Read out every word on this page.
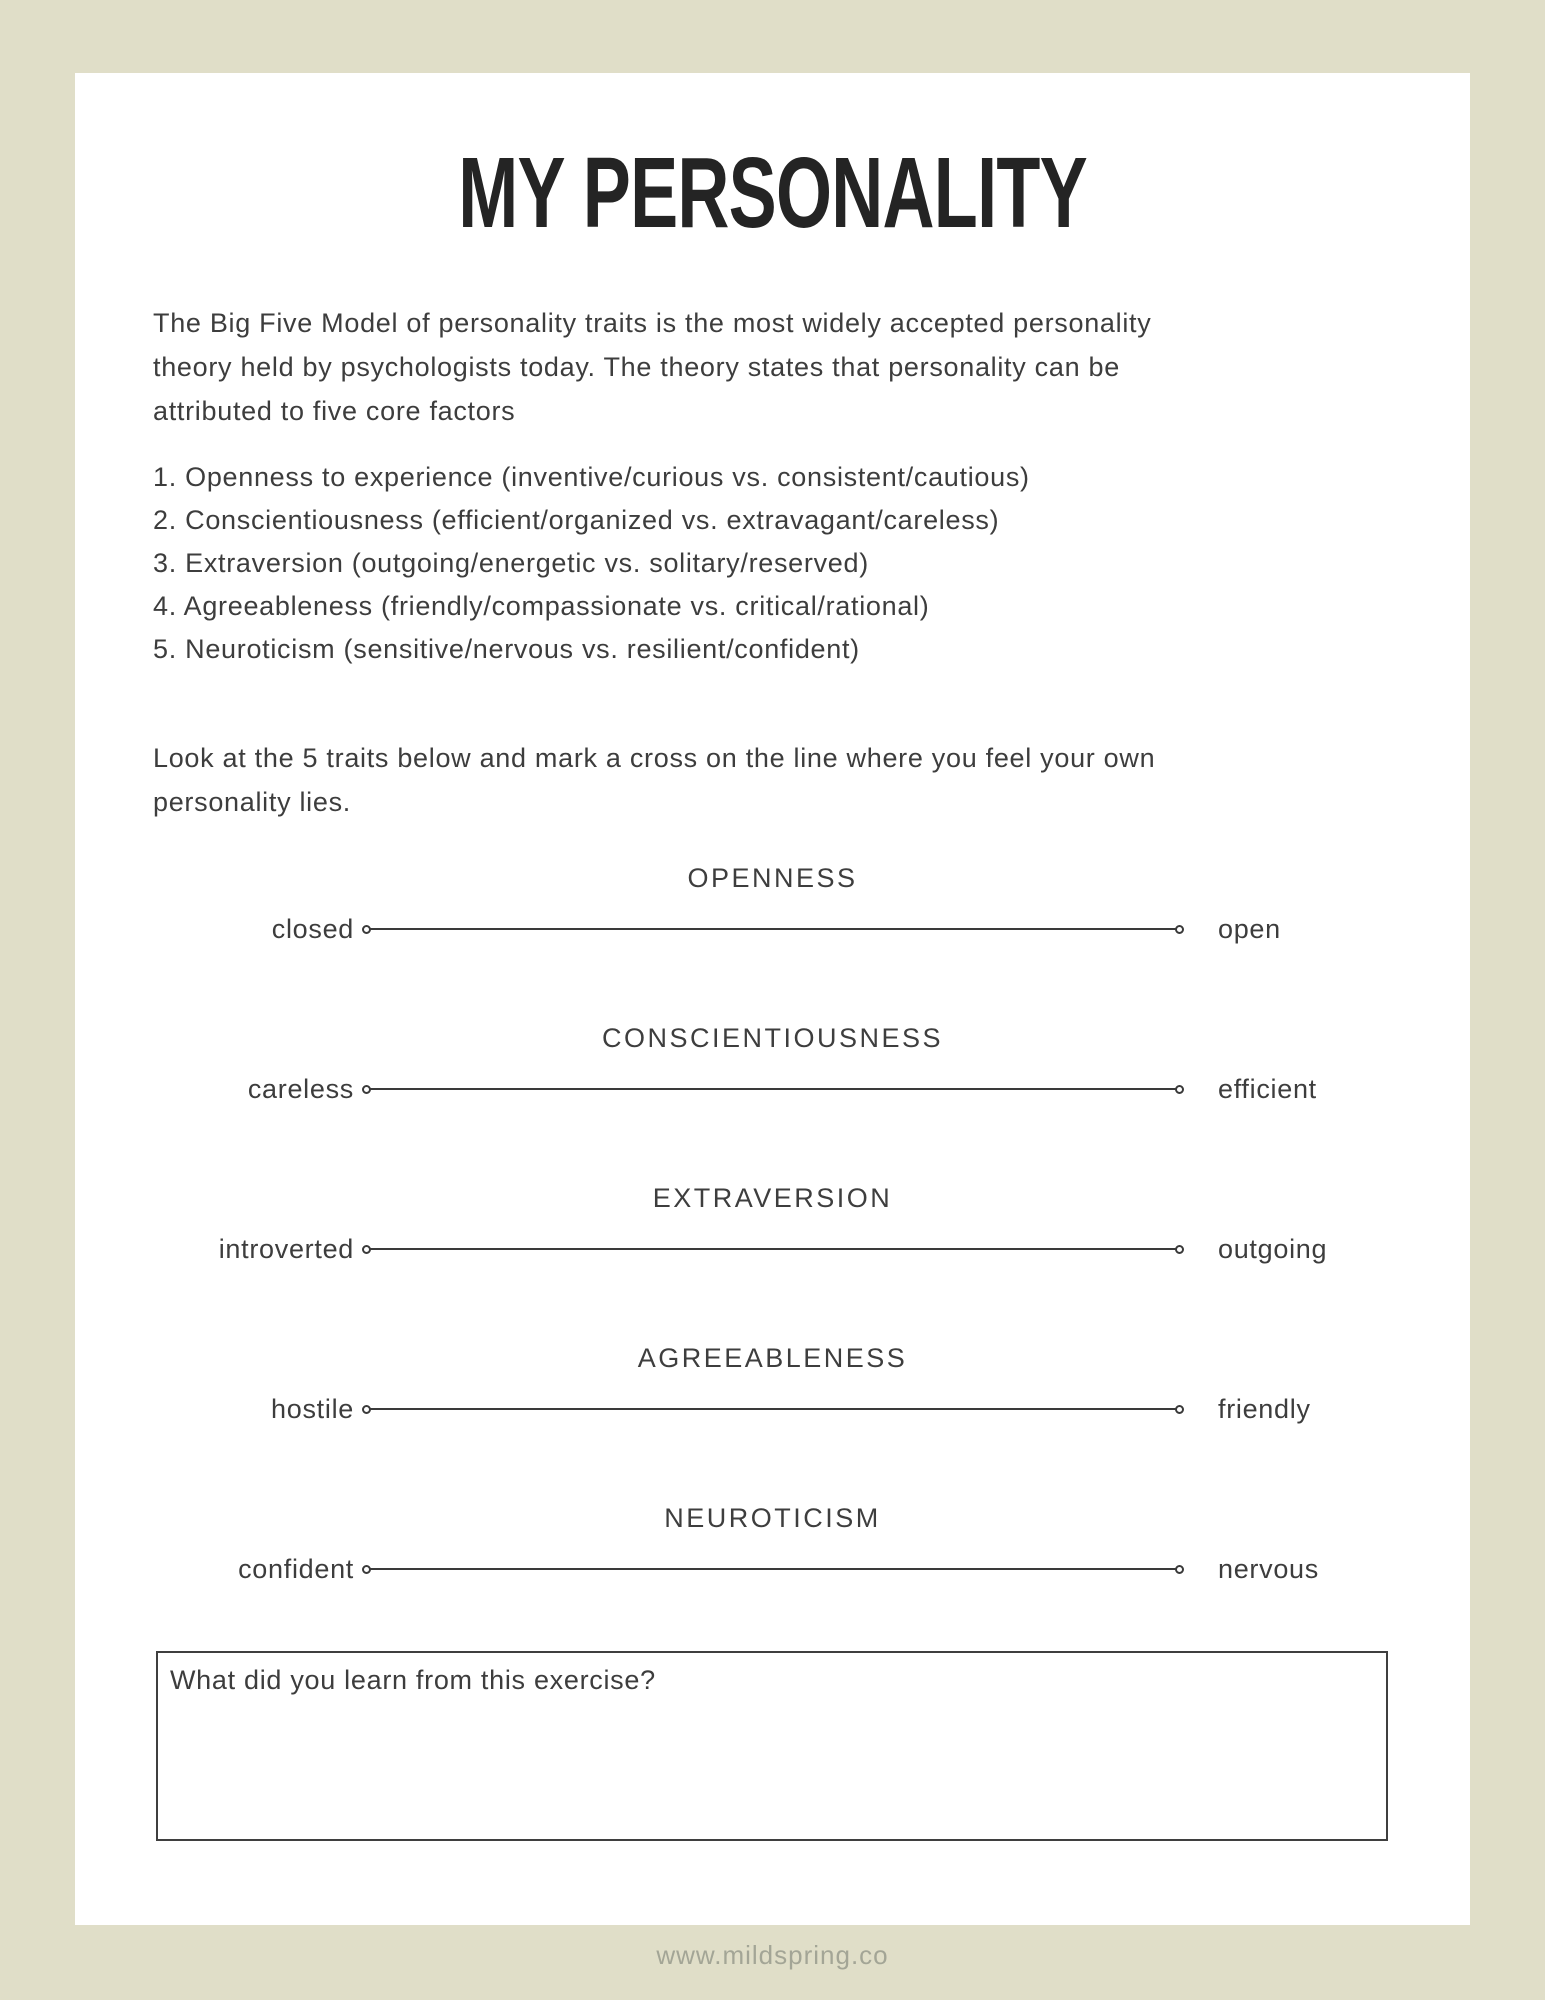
MY PERSONALITY
The Big Five Model of personality traits is the most widely accepted personality
theory held by psychologists today. The theory states that personality can be
attributed to five core factors
1. Openness to experience (inventive/curious vs. consistent/cautious)
2. Conscientiousness (efficient/organized vs. extravagant/careless)
3. Extraversion (outgoing/energetic vs. solitary/reserved)
4. Agreeableness (friendly/compassionate vs. critical/rational)
5. Neuroticism (sensitive/nervous vs. resilient/confident)
Look at the 5 traits below and mark a cross on the line where you feel your own
personality lies.
OPENNESS
closed	open
CONSCIENTIOUSNESS
careless	efficient
EXTRAVERSION
introverted	outgoing
AGREEABLENESS
hostile	friendly
NEUROTICISM
confident	nervous
What did you learn from this exercise?
www.mildspring.co
